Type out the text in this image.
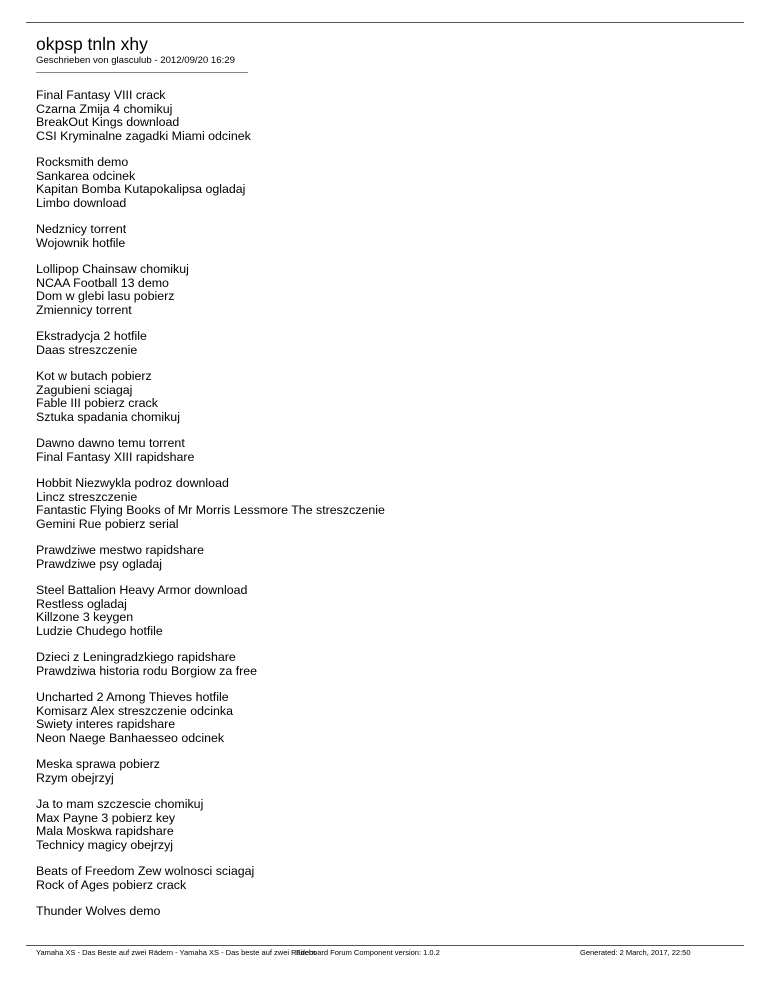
okpsp tnln xhy
Geschrieben von glasculub - 2012/09/20 16:29
Final Fantasy VIII crack
Czarna Zmija 4 chomikuj
BreakOut Kings download
CSI Kryminalne zagadki Miami odcinek
Rocksmith demo
Sankarea odcinek
Kapitan Bomba Kutapokalipsa ogladaj
Limbo download
Nedznicy torrent
Wojownik hotfile
Lollipop Chainsaw chomikuj
NCAA Football 13 demo
Dom w glebi lasu pobierz
Zmiennicy torrent
Ekstradycja 2 hotfile
Daas streszczenie
Kot w butach pobierz
Zagubieni sciagaj
Fable III pobierz crack
Sztuka spadania chomikuj
Dawno dawno temu torrent
Final Fantasy XIII rapidshare
Hobbit Niezwykla podroz download
Lincz streszczenie
Fantastic Flying Books of Mr Morris Lessmore The streszczenie
Gemini Rue pobierz serial
Prawdziwe mestwo rapidshare
Prawdziwe psy ogladaj
Steel Battalion Heavy Armor download
Restless ogladaj
Killzone 3 keygen
Ludzie Chudego hotfile
Dzieci z Leningradzkiego rapidshare
Prawdziwa historia rodu Borgiow za free
Uncharted 2 Among Thieves hotfile
Komisarz Alex streszczenie odcinka
Swiety interes rapidshare
Neon Naege Banhaesseo odcinek
Meska sprawa pobierz
Rzym obejrzyj
Ja to mam szczescie chomikuj
Max Payne 3 pobierz key
Mala Moskwa rapidshare
Technicy magicy obejrzyj
Beats of Freedom Zew wolnosci sciagaj
Rock of Ages pobierz crack
Thunder Wolves demo
Yamaha XS - Das Beste auf zwei Rädern - Yamaha XS - Das beste auf zwei Rädern
Fireboard Forum Component version: 1.0.2	Generated: 2 March, 2017, 22:50
